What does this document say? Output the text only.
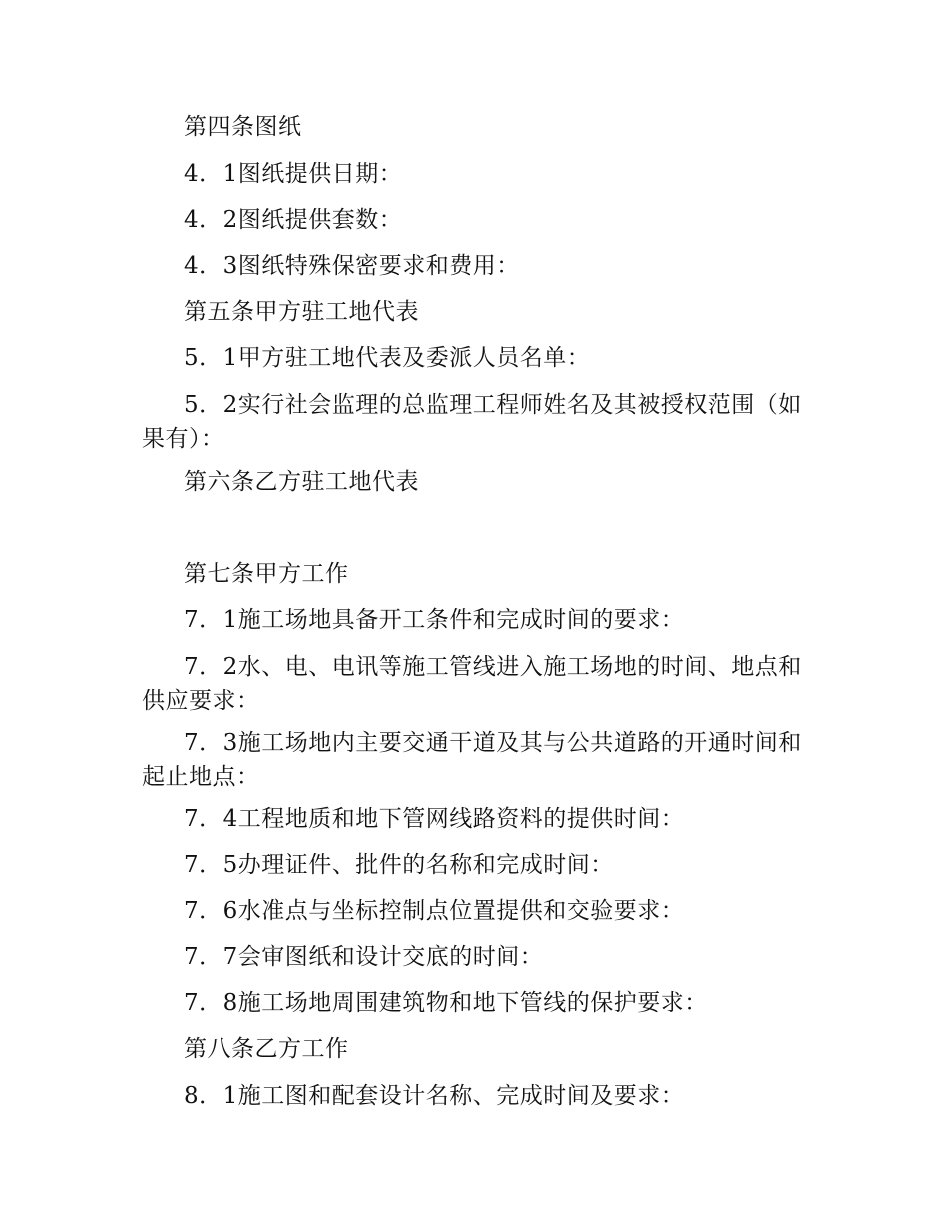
第四条图纸
4．1图纸提供日期：
4．2图纸提供套数：
4．3图纸特殊保密要求和费用：
第五条甲方驻工地代表
5．1甲方驻工地代表及委派人员名单：
5．2实行社会监理的总监理工程师姓名及其被授权范围（如果有）：
第六条乙方驻工地代表
第七条甲方工作
7．1施工场地具备开工条件和完成时间的要求：
7．2水、电、电讯等施工管线进入施工场地的时间、地点和供应要求：
7．3施工场地内主要交通干道及其与公共道路的开通时间和起止地点：
7．4工程地质和地下管网线路资料的提供时间：
7．5办理证件、批件的名称和完成时间：
7．6水准点与坐标控制点位置提供和交验要求：
7．7会审图纸和设计交底的时间：
7．8施工场地周围建筑物和地下管线的保护要求：
第八条乙方工作
8．1施工图和配套设计名称、完成时间及要求：
